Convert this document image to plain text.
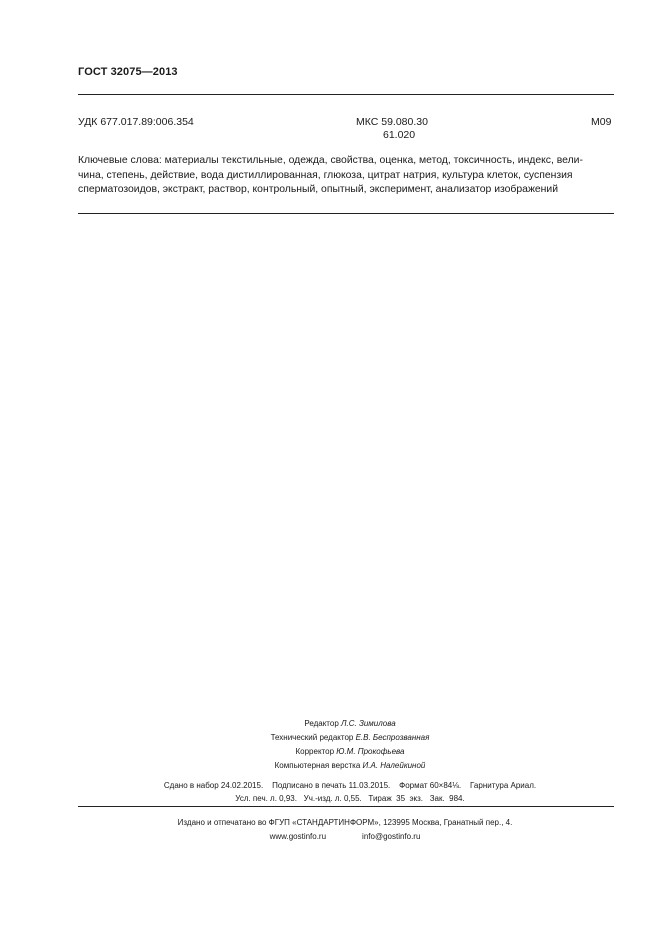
ГОСТ 32075—2013
УДК 677.017.89:006.354	МКС 59.080.30
61.020
М09
Ключевые слова: материалы текстильные, одежда, свойства, оценка, метод, токсичность, индекс, вели-
чина, степень, действие, вода дистиллированная, глюкоза, цитрат натрия, культура клеток, суспензия
сперматозоидов, экстракт, раствор, контрольный, опытный, эксперимент, анализатор изображений
Редактор Л.С. Зимилова
Технический редактор Е.В. Беспрозванная
Корректор Ю.М. Прокофьева
Компьютерная верстка И.А. Налейкиной
Сдано в набор 24.02.2015.    Подписано в печать 11.03.2015.    Формат 60×84⅛.    Гарнитура Ариал.
Усл. печ. л. 0,93.   Уч.-изд. л. 0,55.   Тираж  35  экз.   Зак.  984.
Издано и отпечатано во ФГУП «СТАНДАРТИНФОРМ», 123995 Москва, Гранатный пер., 4.
www.gostinfo.ru	info@gostinfo.ru
